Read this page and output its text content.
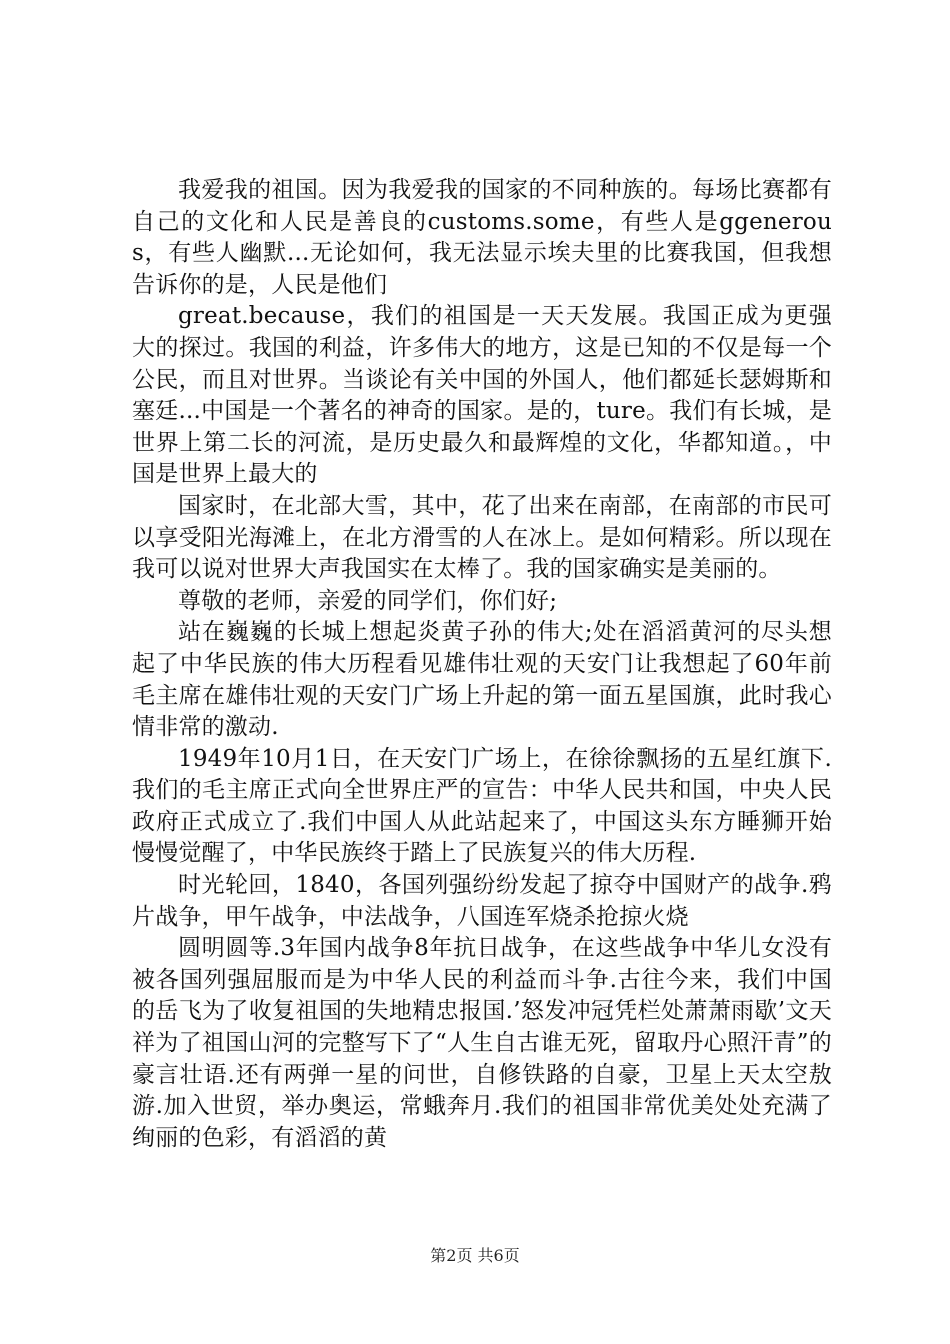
我爱我的祖国。因为我爱我的国家的不同种族的。每场比赛都有自己的文化和人民是善良的customs.some，有些人是ggenerous，有些人幽默...无论如何，我无法显示埃夫里的比赛我国，但我想告诉你的是，人民是他们

great.because，我们的祖国是一天天发展。我国正成为更强大的探过。我国的利益，许多伟大的地方，这是已知的不仅是每一个公民，而且对世界。当谈论有关中国的外国人，他们都延长瑟姆斯和塞廷...中国是一个著名的神奇的国家。是的，ture。我们有长城，是世界上第二长的河流，是历史最久和最辉煌的文化，华都知道。，中国是世界上最大的

国家时，在北部大雪，其中，花了出来在南部，在南部的市民可以享受阳光海滩上，在北方滑雪的人在冰上。是如何精彩。所以现在我可以说对世界大声我国实在太棒了。我的国家确实是美丽的。

尊敬的老师，亲爱的同学们，你们好;

站在巍巍的长城上想起炎黄子孙的伟大;处在滔滔黄河的尽头想起了中华民族的伟大历程看见雄伟壮观的天安门让我想起了60年前毛主席在雄伟壮观的天安门广场上升起的第一面五星国旗，此时我心情非常的激动.

1949年10月1日，在天安门广场上，在徐徐飘扬的五星红旗下.我们的毛主席正式向全世界庄严的宣告：中华人民共和国，中央人民政府正式成立了.我们中国人从此站起来了，中国这头东方睡狮开始慢慢觉醒了，中华民族终于踏上了民族复兴的伟大历程.

时光轮回，1840，各国列强纷纷发起了掠夺中国财产的战争.鸦片战争，甲午战争，中法战争，八国连军烧杀抢掠火烧

圆明圆等.3年国内战争8年抗日战争，在这些战争中华儿女没有被各国列强屈服而是为中华人民的利益而斗争.古往今来，我们中国的岳飞为了收复祖国的失地精忠报国.’怒发冲冠凭栏处萧萧雨歇’文天祥为了祖国山河的完整写下了“人生自古谁无死，留取丹心照汗青”的豪言壮语.还有两弹一星的问世，自修铁路的自豪，卫星上天太空敖游.加入世贸，举办奥运，常蛾奔月.我们的祖国非常优美处处充满了绚丽的色彩，有滔滔的黄

第2页 共6页
